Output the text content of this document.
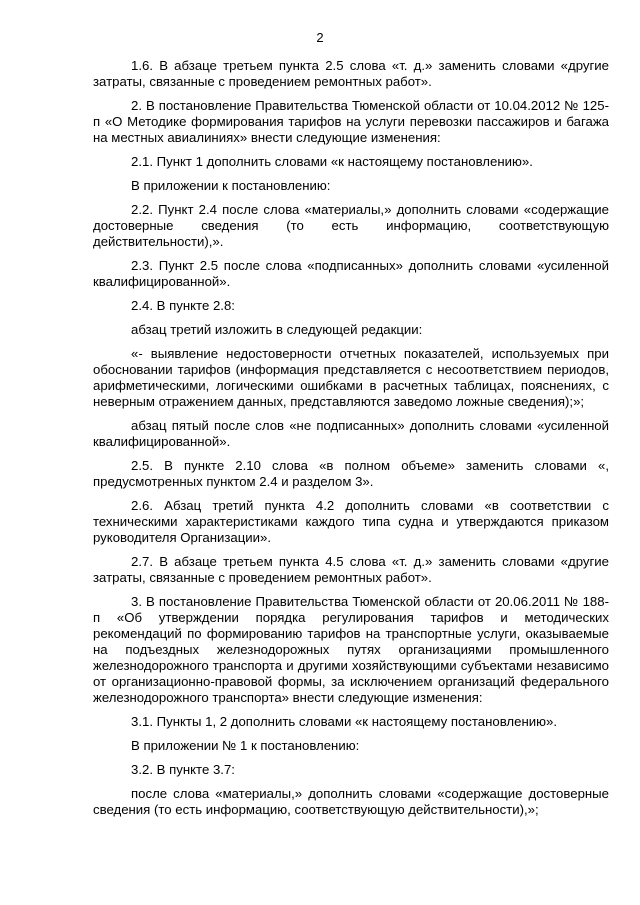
2

1.6. В абзаце третьем пункта 2.5 слова «т. д.» заменить словами «другие затраты, связанные с проведением ремонтных работ».

2. В постановление Правительства Тюменской области от 10.04.2012 № 125-п «О Методике формирования тарифов на услуги перевозки пассажиров и багажа на местных авиалиниях» внести следующие изменения:

2.1. Пункт 1 дополнить словами «к настоящему постановлению».

В приложении к постановлению:

2.2. Пункт 2.4 после слова «материалы,» дополнить словами «содержащие достоверные сведения (то есть информацию, соответствующую действительности),».

2.3. Пункт 2.5 после слова «подписанных» дополнить словами «усиленной квалифицированной».

2.4. В пункте 2.8:

абзац третий изложить в следующей редакции:

«- выявление недостоверности отчетных показателей, используемых при обосновании тарифов (информация представляется с несоответствием периодов, арифметическими, логическими ошибками в расчетных таблицах, пояснениях, с неверным отражением данных, представляются заведомо ложные сведения);»;

абзац пятый после слов «не подписанных» дополнить словами «усиленной квалифицированной».

2.5. В пункте 2.10 слова «в полном объеме» заменить словами «, предусмотренных пунктом 2.4 и разделом 3».

2.6. Абзац третий пункта 4.2 дополнить словами «в соответствии с техническими характеристиками каждого типа судна и утверждаются приказом руководителя Организации».

2.7. В абзаце третьем пункта 4.5 слова «т. д.» заменить словами «другие затраты, связанные с проведением ремонтных работ».

3. В постановление Правительства Тюменской области от 20.06.2011 № 188-п «Об утверждении порядка регулирования тарифов и методических рекомендаций по формированию тарифов на транспортные услуги, оказываемые на подъездных железнодорожных путях организациями промышленного железнодорожного транспорта и другими хозяйствующими субъектами независимо от организационно-правовой формы, за исключением организаций федерального железнодорожного транспорта» внести следующие изменения:

3.1. Пункты 1, 2 дополнить словами «к настоящему постановлению».

В приложении № 1 к постановлению:

3.2. В пункте 3.7:

после слова «материалы,» дополнить словами «содержащие достоверные сведения (то есть информацию, соответствующую действительности),»;
